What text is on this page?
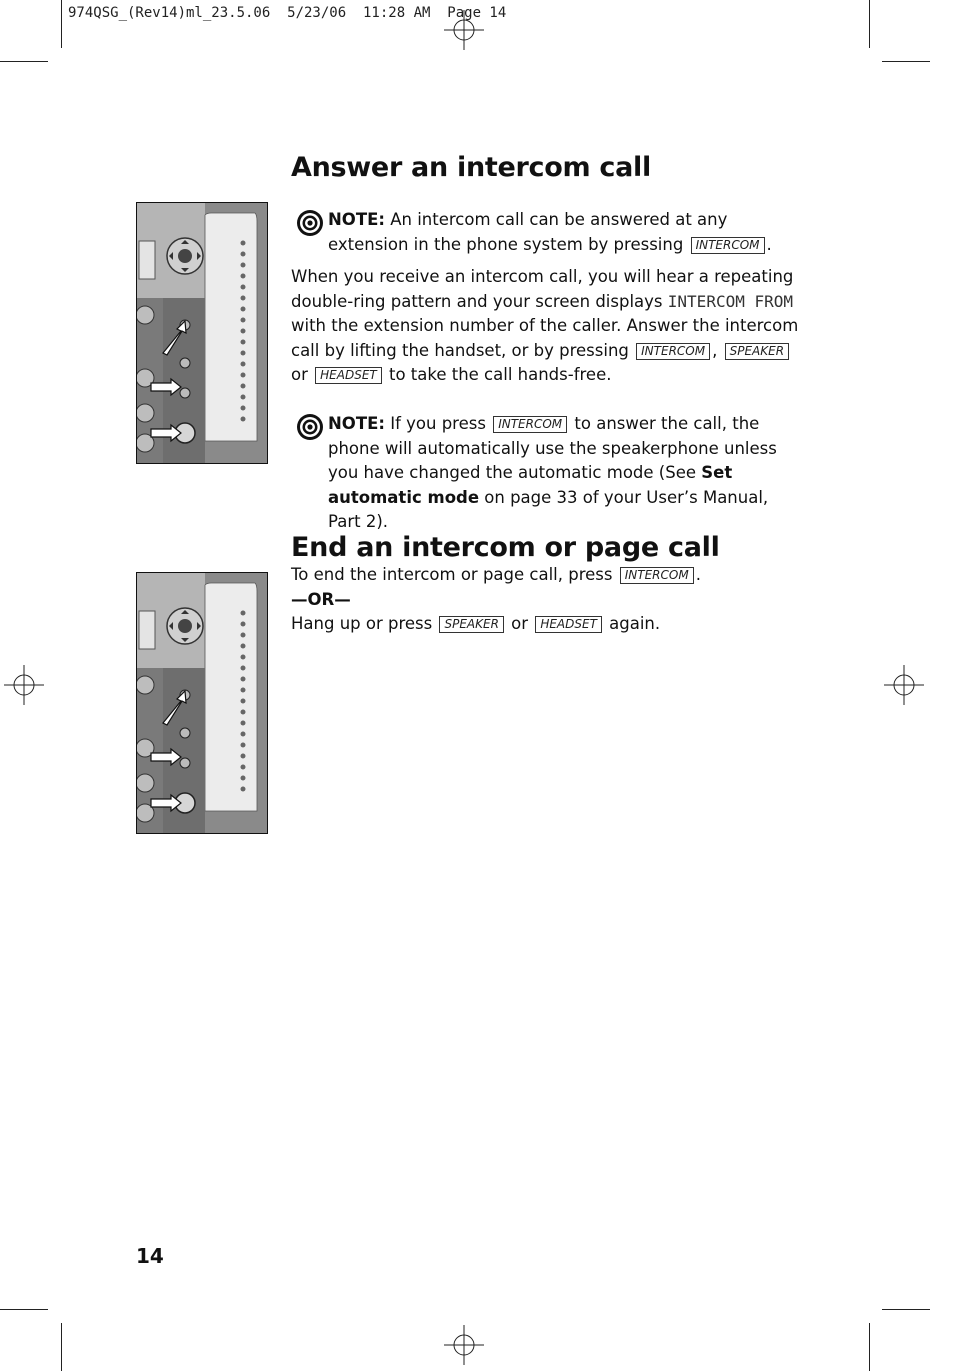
974QSG_(Rev14)ml_23.5.06  5/23/06  11:28 AM  Page 14
Answer an intercom call
NOTE: An intercom call can be answered at any extension in the phone system by pressing INTERCOM .
When you receive an intercom call, you will hear a repeating double-ring pattern and your screen displays INTERCOM FROM with the extension number of the caller. Answer the intercom call by lifting the handset, or by pressing INTERCOM , SPEAKER or HEADSET to take the call hands-free.
NOTE: If you press INTERCOM to answer the call, the phone will automatically use the speakerphone unless you have changed the automatic mode (See Set automatic mode on page 33 of your User’s Manual, Part 2).
End an intercom or page call
To end the intercom or page call, press INTERCOM .
—OR—
Hang up or press SPEAKER or HEADSET again.
14
